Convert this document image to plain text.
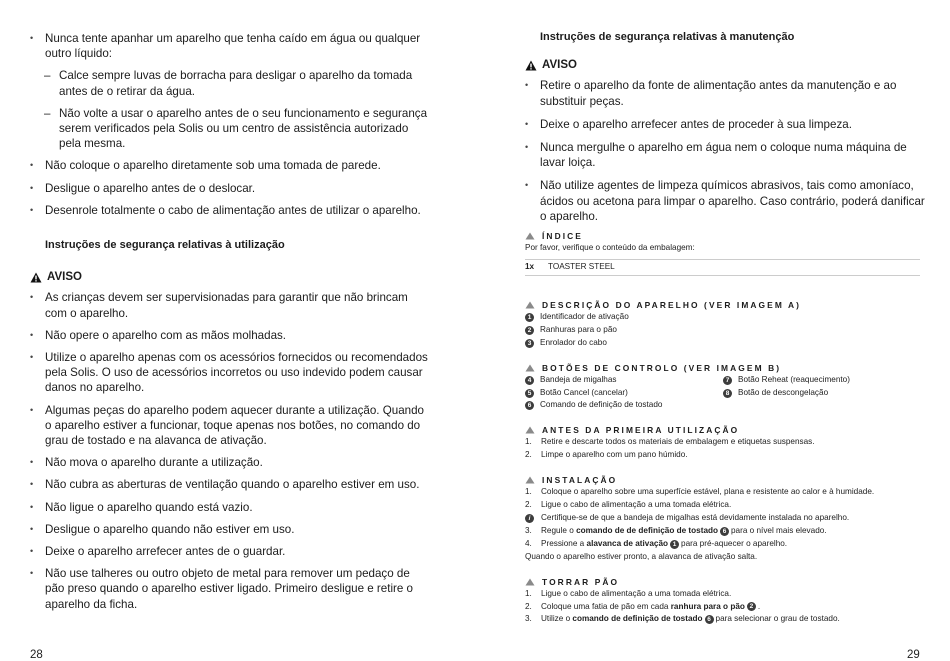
• Nunca tente apanhar um aparelho que tenha caído em água ou qualquer outro líquido:

– Calce sempre luvas de borracha para desligar o aparelho da tomada antes de o retirar da água.

– Não volte a usar o aparelho antes de o seu funcionamento e segurança serem verificados pela Solis ou um centro de assistência autorizado pela mesma.

• Não coloque o aparelho diretamente sob uma tomada de parede.

• Desligue o aparelho antes de o deslocar.

• Desenrole totalmente o cabo de alimentação antes de utilizar o aparelho.

Instruções de segurança relativas à utilização
AVISO

• As crianças devem ser supervisionadas para garantir que não brincam com o aparelho.

• Não opere o aparelho com as mãos molhadas.

• Utilize o aparelho apenas com os acessórios fornecidos ou recomendados pela Solis. O uso de acessórios incorretos ou uso indevido podem causar danos no aparelho.

• Algumas peças do aparelho podem aquecer durante a utilização. Quando o aparelho estiver a funcionar, toque apenas nos botões, no comando do grau de tostado e na alavanca de ativação.

• Não mova o aparelho durante a utilização.

• Não cubra as aberturas de ventilação quando o aparelho estiver em uso.

• Não ligue o aparelho quando está vazio.

• Desligue o aparelho quando não estiver em uso.

• Deixe o aparelho arrefecer antes de o guardar.

• Não use talheres ou outro objeto de metal para remover um pedaço de pão preso quando o aparelho estiver ligado. Primeiro desligue e retire o aparelho da ficha.

28	29
Instruções de segurança relativas à manutenção
AVISO

• Retire o aparelho da fonte de alimentação antes da manutenção e ao substituir peças.

• Deixe o aparelho arrefecer antes de proceder à sua limpeza.

• Nunca mergulhe o aparelho em água nem o coloque numa máquina de lavar loiça.

• Não utilize agentes de limpeza químicos abrasivos, tais como amoníaco, ácidos ou acetona para limpar o aparelho. Caso contrário, poderá danificar o aparelho.

ÍNDICE
Por favor, verifique o conteúdo da embalagem:
1x	TOASTER STEEL
DESCRIÇÃO DO APARELHO (VER IMAGEM A)
1	Identificador de ativação
2	Ranhuras para o pão
3	Enrolador do cabo
BOTÕES DE CONTROLO (VER IMAGEM B)
4	Bandeja de migalhas
5	Botão Cancel (cancelar)
6	Comando de definição de tostado
7	Botão Reheat (reaquecimento)
8	Botão de descongelação
ANTES DA PRIMEIRA UTILIZAÇÃO
1.	Retire e descarte todos os materiais de embalagem e etiquetas suspensas.
2.	Limpe o aparelho com um pano húmido.
INSTALAÇÃO
1.	Coloque o aparelho sobre uma superfície estável, plana e resistente ao calor e à humidade.
2.	Ligue o cabo de alimentação a uma tomada elétrica.
i	Certifique-se de que a bandeja de migalhas está devidamente instalada no aparelho.
3.	Regule o
comando de de definição de tostado 6 para o nível mais elevado.
4.	Pressione a
alavanca de ativação 1 para pré-aquecer o aparelho.
Quando o aparelho estiver pronto, a alavanca de ativação salta.
TORRAR PÃO
1.	Ligue o cabo de alimentação a uma tomada elétrica.
2.	Coloque uma fatia de pão em cada
ranhura para o pão 2 .
3.	Utilize o
comando de definição de tostado 6 para selecionar o grau de tostado.
